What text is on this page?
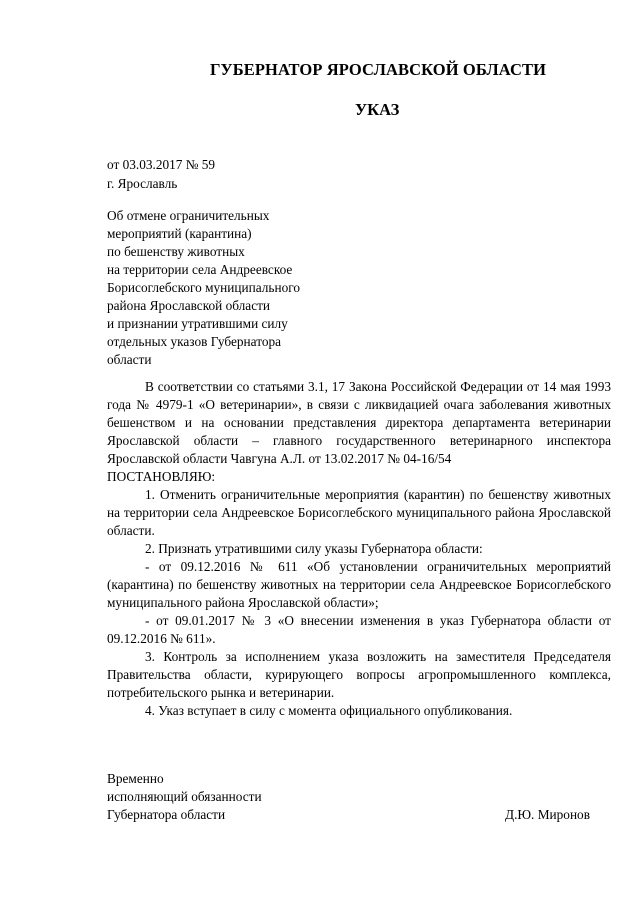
ГУБЕРНАТОР ЯРОСЛАВСКОЙ ОБЛАСТИ
УКАЗ
от 03.03.2017 № 59
г. Ярославль
Об отмене ограничительных
мероприятий (карантина)
по бешенству животных
на территории села Андреевское
Борисоглебского муниципального
района Ярославской области
и признании утратившими силу
отдельных указов Губернатора
области

В соответствии со статьями 3.1, 17 Закона Российской Федерации от 14 мая 1993 года № 4979-1 «О ветеринарии», в связи с ликвидацией очага заболевания животных бешенством и на основании представления директора департамента ветеринарии Ярославской области – главного государственного ветеринарного инспектора Ярославской области Чавгуна А.Л. от 13.02.2017 № 04-16/54

ПОСТАНОВЛЯЮ:

1. Отменить ограничительные мероприятия (карантин) по бешенству животных на территории села Андреевское Борисоглебского муниципального района Ярославской области.

2. Признать утратившими силу указы Губернатора области:

- от 09.12.2016 № 611 «Об установлении ограничительных мероприятий (карантина) по бешенству животных на территории села Андреевское Борисоглебского муниципального района Ярославской области»;

- от 09.01.2017 № 3 «О внесении изменения в указ Губернатора области от 09.12.2016 № 611».

3. Контроль за исполнением указа возложить на заместителя Председателя Правительства области, курирующего вопросы агропромышленного комплекса, потребительского рынка и ветеринарии.

4. Указ вступает в силу с момента официального опубликования.

Временно
исполняющий обязанности
Губернатора области	Д.Ю. Миронов
